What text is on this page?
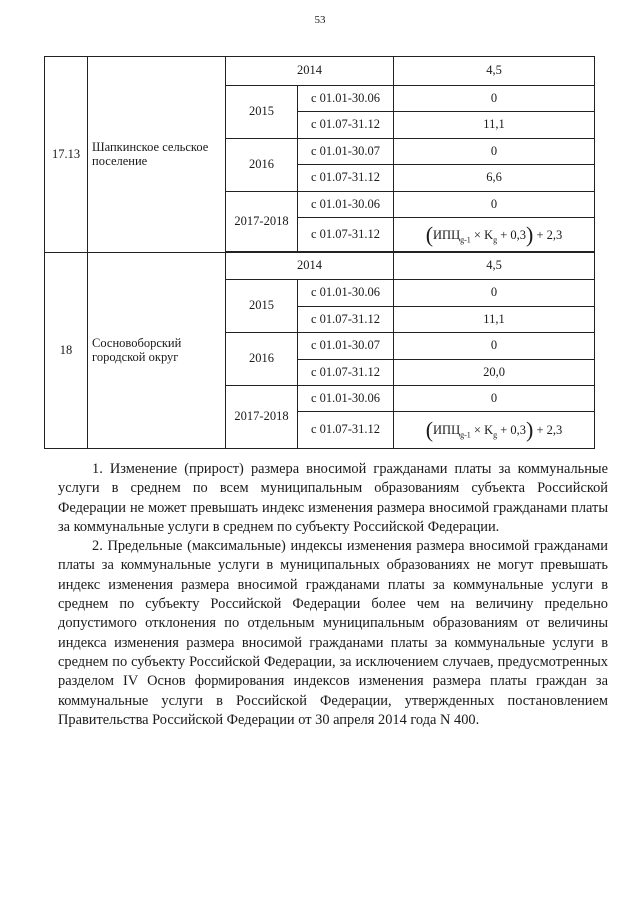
53
17.13	Шапкинское сельское поселение	2014		4,5
		2015	с 01.01-30.06	0
			с 01.07-31.12	11,1
		2016	с 01.01-30.07	0
			с 01.07-31.12	6,6
		2017-2018	с 01.01-30.06	0
			с 01.07-31.12	$(ИПЦ_{g-1} \times K_g + 0,3) + 2,3$

18	Сосновоборский городской округ	2014		4,5
		2015	с 01.01-30.06	0
			с 01.07-31.12	11,1
		2016	с 01.01-30.07	0
			с 01.07-31.12	20,0
		2017-2018	с 01.01-30.06	0
			с 01.07-31.12	$(ИПЦ_{g-1} \times K_g + 0,3) + 2,3$

1. Изменение (прирост) размера вносимой гражданами платы за коммунальные услуги в среднем по всем муниципальным образованиям субъекта Российской Федерации не может превышать индекс изменения размера вносимой гражданами платы за коммунальные услуги в среднем по субъекту Российской Федерации.

2. Предельные (максимальные) индексы изменения размера вносимой гражданами платы за коммунальные услуги в муниципальных образованиях не могут превышать индекс изменения размера вносимой гражданами платы за коммунальные услуги в среднем по субъекту Российской Федерации более чем на величину предельно допустимого отклонения по отдельным муниципальным образованиям от величины индекса изменения размера вносимой гражданами платы за коммунальные услуги в среднем по субъекту Российской Федерации, за исключением случаев, предусмотренных разделом IV Основ формирования индексов изменения размера платы граждан за коммунальные услуги в Российской Федерации, утвержденных постановлением Правительства Российской Федерации от 30 апреля 2014 года N 400.
